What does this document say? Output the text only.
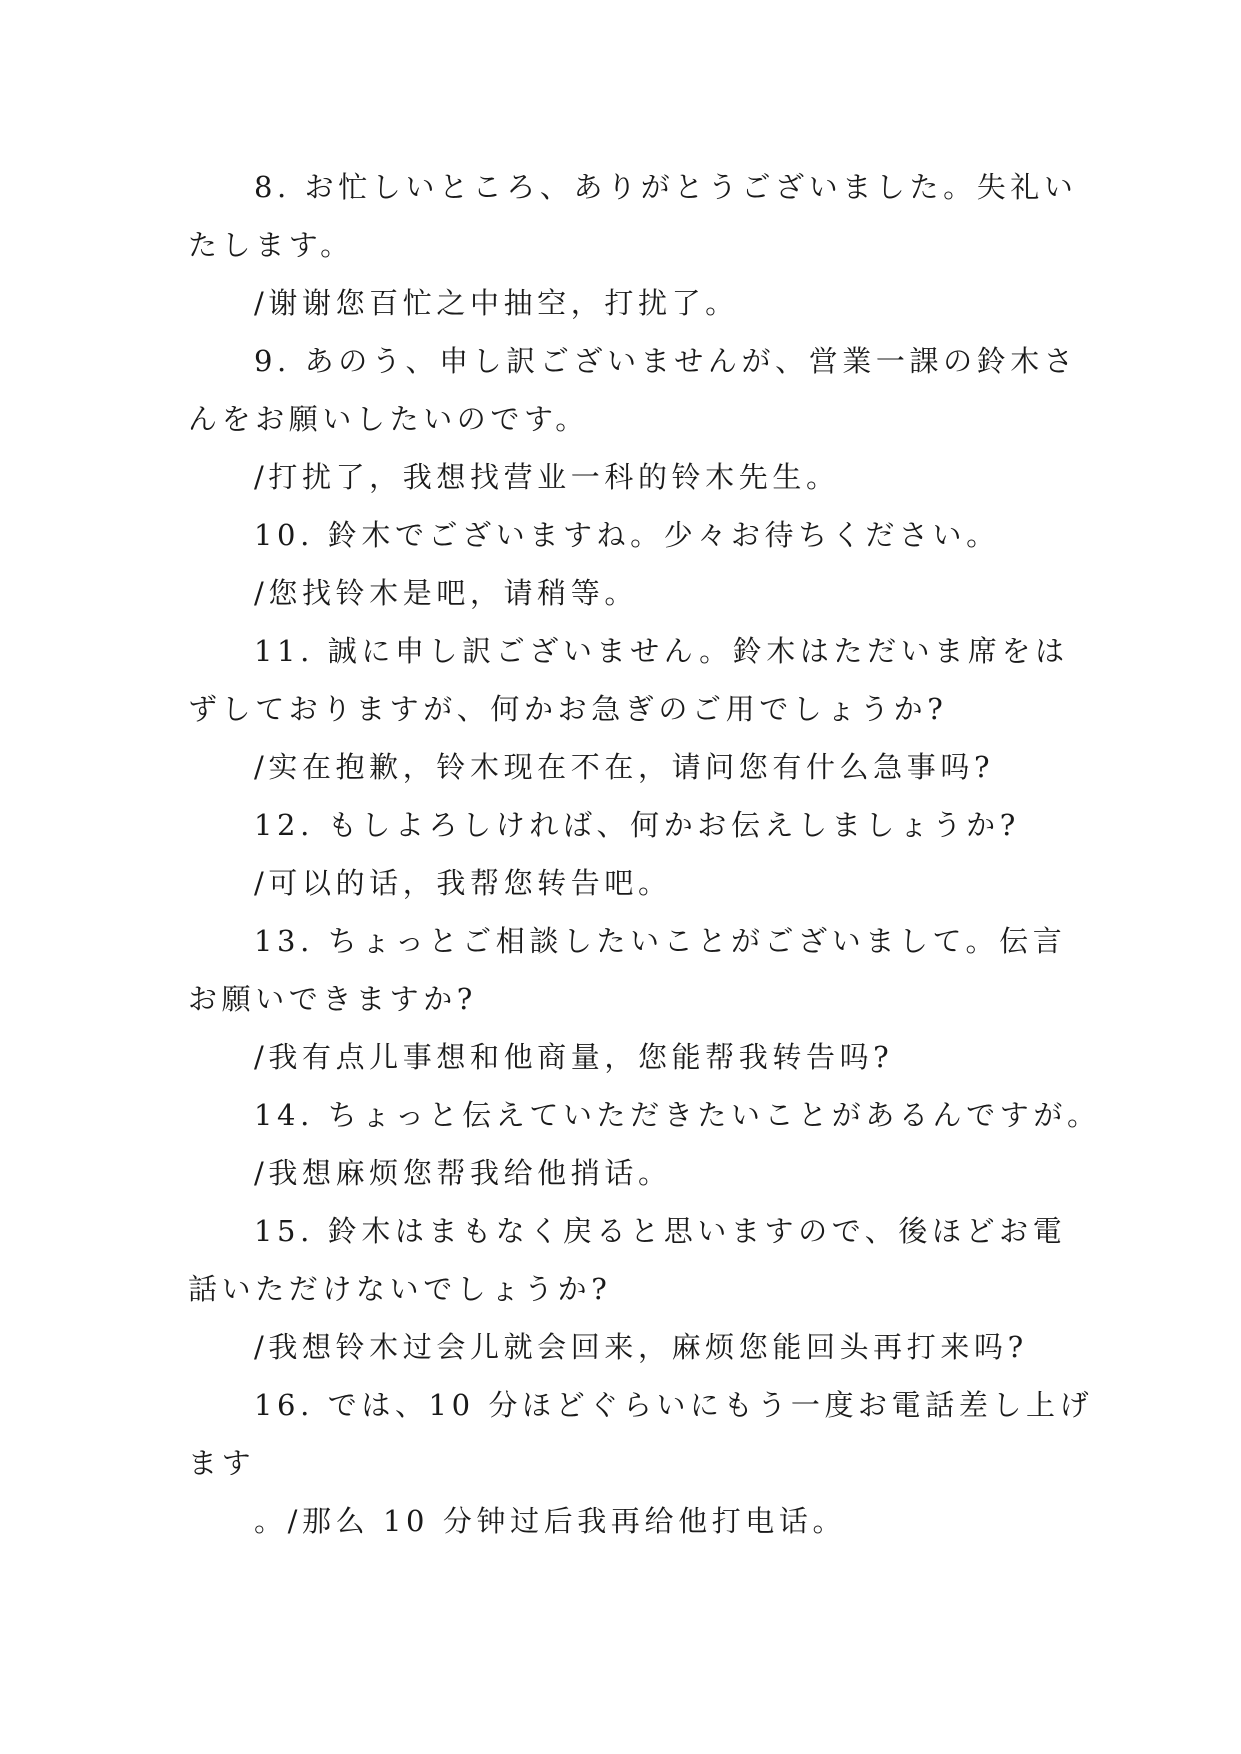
8. お忙しいところ、ありがとうございました。失礼い
たします。
/谢谢您百忙之中抽空，打扰了。
9. あのう、申し訳ございませんが、営業一課の鈴木さ
んをお願いしたいのです。
/打扰了，我想找营业一科的铃木先生。
10. 鈴木でございますね。少々お待ちください。
/您找铃木是吧，请稍等。
11. 誠に申し訳ございません。鈴木はただいま席をは
ずしておりますが、何かお急ぎのご用でしょうか?
/实在抱歉，铃木现在不在，请问您有什么急事吗?
12. もしよろしければ、何かお伝えしましょうか?
/可以的话，我帮您转告吧。
13. ちょっとご相談したいことがございまして。伝言
お願いできますか?
/我有点儿事想和他商量，您能帮我转告吗?
14. ちょっと伝えていただきたいことがあるんですが。
/我想麻烦您帮我给他捎话。
15. 鈴木はまもなく戻ると思いますので、後ほどお電
話いただけないでしょうか?
/我想铃木过会儿就会回来，麻烦您能回头再打来吗?
16. では、10 分ほどぐらいにもう一度お電話差し上げ
ます
。/那么 10 分钟过后我再给他打电话。
